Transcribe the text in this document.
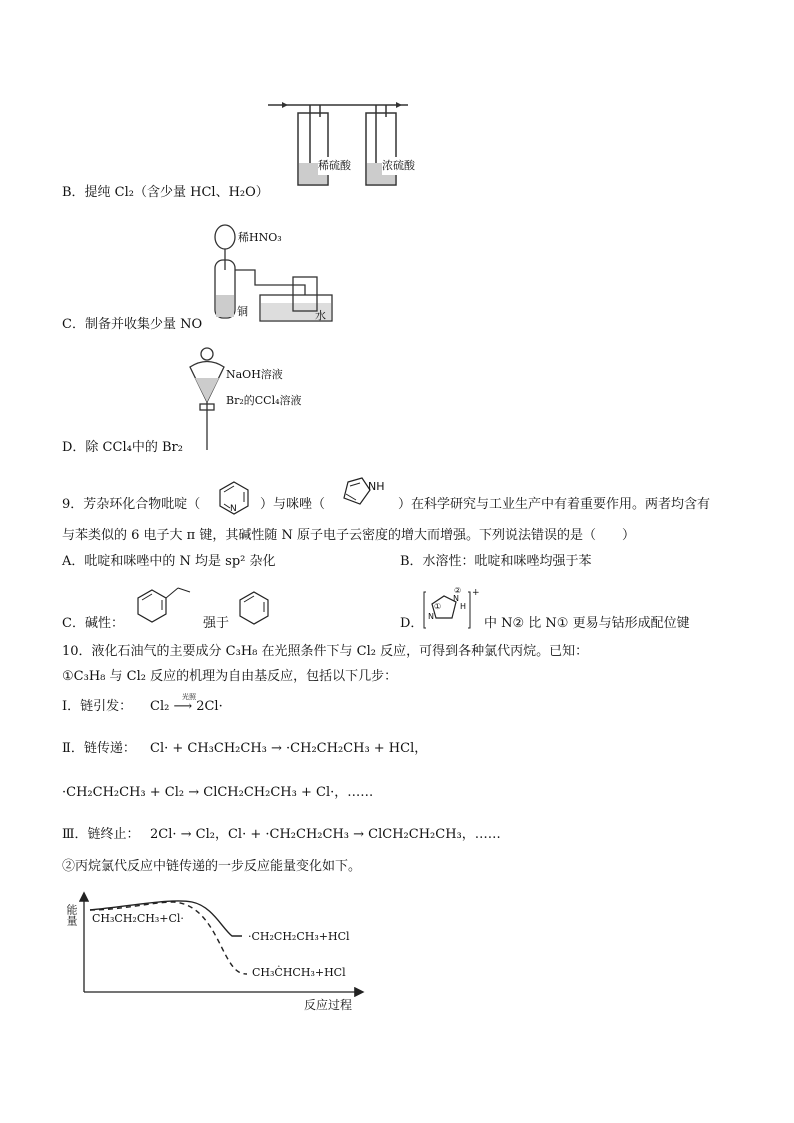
稀硫酸	浓硫酸
B．提纯 Cl₂（含少量 HCl、H₂O）
稀HNO₃
铜	水
C．制备并收集少量 NO
NaOH溶液
Br₂的CCl₄溶液
D．除 CCl₄中的 Br₂
9．芳杂环化合物吡啶（	N ）与咪唑（
NH
）在科学研究与工业生产中有着重要作用。两者均含有
与苯类似的 6 电子大 π 键，其碱性随 N 原子电子云密度的增大而增强。下列说法错误的是（　　）
A．吡啶和咪唑中的 N 均是 sp² 杂化	B．水溶性：吡啶和咪唑均强于苯
C．碱性：	强于	D． N
N
①
②
H
+
中 N② 比 N① 更易与钴形成配位键
10．液化石油气的主要成分 C₃H₈ 在光照条件下与 Cl₂ 反应，可得到各种氯代丙烷。已知：
①C₃H₈ 与 Cl₂ 反应的机理为自由基反应，包括以下几步：
Ⅰ．链引发： Cl₂ ⟶ 2Cl·
光照
Ⅱ．链传递： Cl· + CH₃CH₂CH₃ → ·CH₂CH₂CH₃ + HCl，
·CH₂CH₂CH₃ + Cl₂ → ClCH₂CH₂CH₃ + Cl·，……
Ⅲ．链终止： 2Cl· → Cl₂，Cl· + ·CH₂CH₂CH₃ → ClCH₂CH₂CH₃，……
②丙烷氯代反应中链传递的一步反应能量变化如下。
能量 CH₃CH₂CH₃+Cl·
·CH₂CH₂CH₃+HCl
CH₃ĊHCH₃+HCl
反应过程
